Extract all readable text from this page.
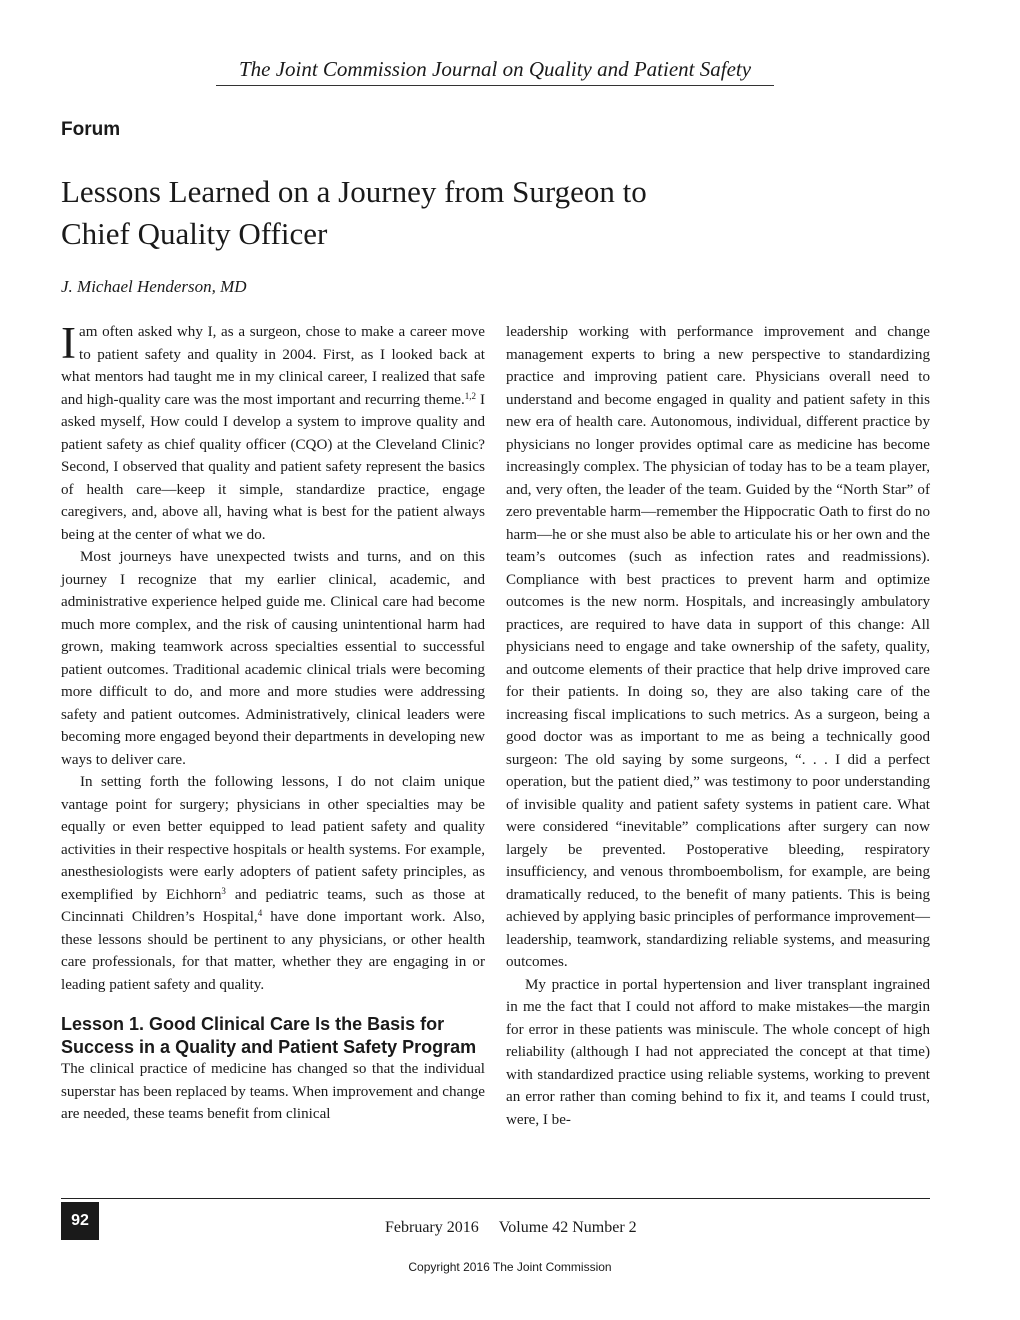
The Joint Commission Journal on Quality and Patient Safety
Forum
Lessons Learned on a Journey from Surgeon to
Chief Quality Officer
J. Michael Henderson, MD

Iam often asked why I, as a surgeon, chose to make a career move to patient safety and quality in 2004. First, as I looked back at what mentors had taught me in my clinical career, I realized that safe and high-quality care was the most important and recurring theme.$^{1,2}$ I asked myself, How could I develop a system to improve quality and patient safety as chief quality officer (CQO) at the Cleveland Clinic? Second, I observed that quality and patient safety represent the basics of health care—keep it simple, standardize practice, engage caregivers, and, above all, having what is best for the patient always being at the center of what we do.

Most journeys have unexpected twists and turns, and on this journey I recognize that my earlier clinical, academic, and administrative experience helped guide me. Clinical care had become much more complex, and the risk of causing unintentional harm had grown, making teamwork across specialties essential to successful patient outcomes. Traditional academic clinical trials were becoming more difficult to do, and more and more studies were addressing safety and patient outcomes. Administratively, clinical leaders were becoming more engaged beyond their departments in developing new ways to deliver care.

In setting forth the following lessons, I do not claim unique vantage point for surgery; physicians in other specialties may be equally or even better equipped to lead patient safety and quality activities in their respective hospitals or health systems. For example, anesthesiologists were early adopters of patient safety principles, as exemplified by Eichhorn$^3$ and pediatric teams, such as those at Cincinnati Children’s Hospital,$^4$ have done important work. Also, these lessons should be pertinent to any physicians, or other health care professionals, for that matter, whether they are engaging in or leading patient safety and quality.

Lesson 1. Good Clinical Care Is the Basis for Success in a Quality and Patient Safety Program

The clinical practice of medicine has changed so that the individual superstar has been replaced by teams. When improvement and change are needed, these teams benefit from clinical

leadership working with performance improvement and change management experts to bring a new perspective to standardizing practice and improving patient care. Physicians overall need to understand and become engaged in quality and patient safety in this new era of health care. Autonomous, individual, different practice by physicians no longer provides optimal care as medicine has become increasingly complex. The physician of today has to be a team player, and, very often, the leader of the team. Guided by the “North Star” of zero preventable harm—remember the Hippocratic Oath to first do no harm—he or she must also be able to articulate his or her own and the team’s outcomes (such as infection rates and readmissions). Compliance with best practices to prevent harm and optimize outcomes is the new norm. Hospitals, and increasingly ambulatory practices, are required to have data in support of this change: All physicians need to engage and take ownership of the safety, quality, and outcome elements of their practice that help drive improved care for their patients. In doing so, they are also taking care of the increasing fiscal implications to such metrics. As a surgeon, being a good doctor was as important to me as being a technically good surgeon: The old saying by some surgeons, “. . . I did a perfect operation, but the patient died,” was testimony to poor understanding of invisible quality and patient safety systems in patient care. What were considered “inevitable” complications after surgery can now largely be prevented. Postoperative bleeding, respiratory insufficiency, and venous thromboembolism, for example, are being dramatically reduced, to the benefit of many patients. This is being achieved by applying basic principles of performance improvement—leadership, teamwork, standardizing reliable systems, and measuring outcomes.

My practice in portal hypertension and liver transplant ingrained in me the fact that I could not afford to make mistakes—the margin for error in these patients was miniscule. The whole concept of high reliability (although I had not appreciated the concept at that time) with standardized practice using reliable systems, working to prevent an error rather than coming behind to fix it, and teams I could trust, were, I be-

92	February 2016 Volume 42 Number 2
Copyright 2016 The Joint Commission
